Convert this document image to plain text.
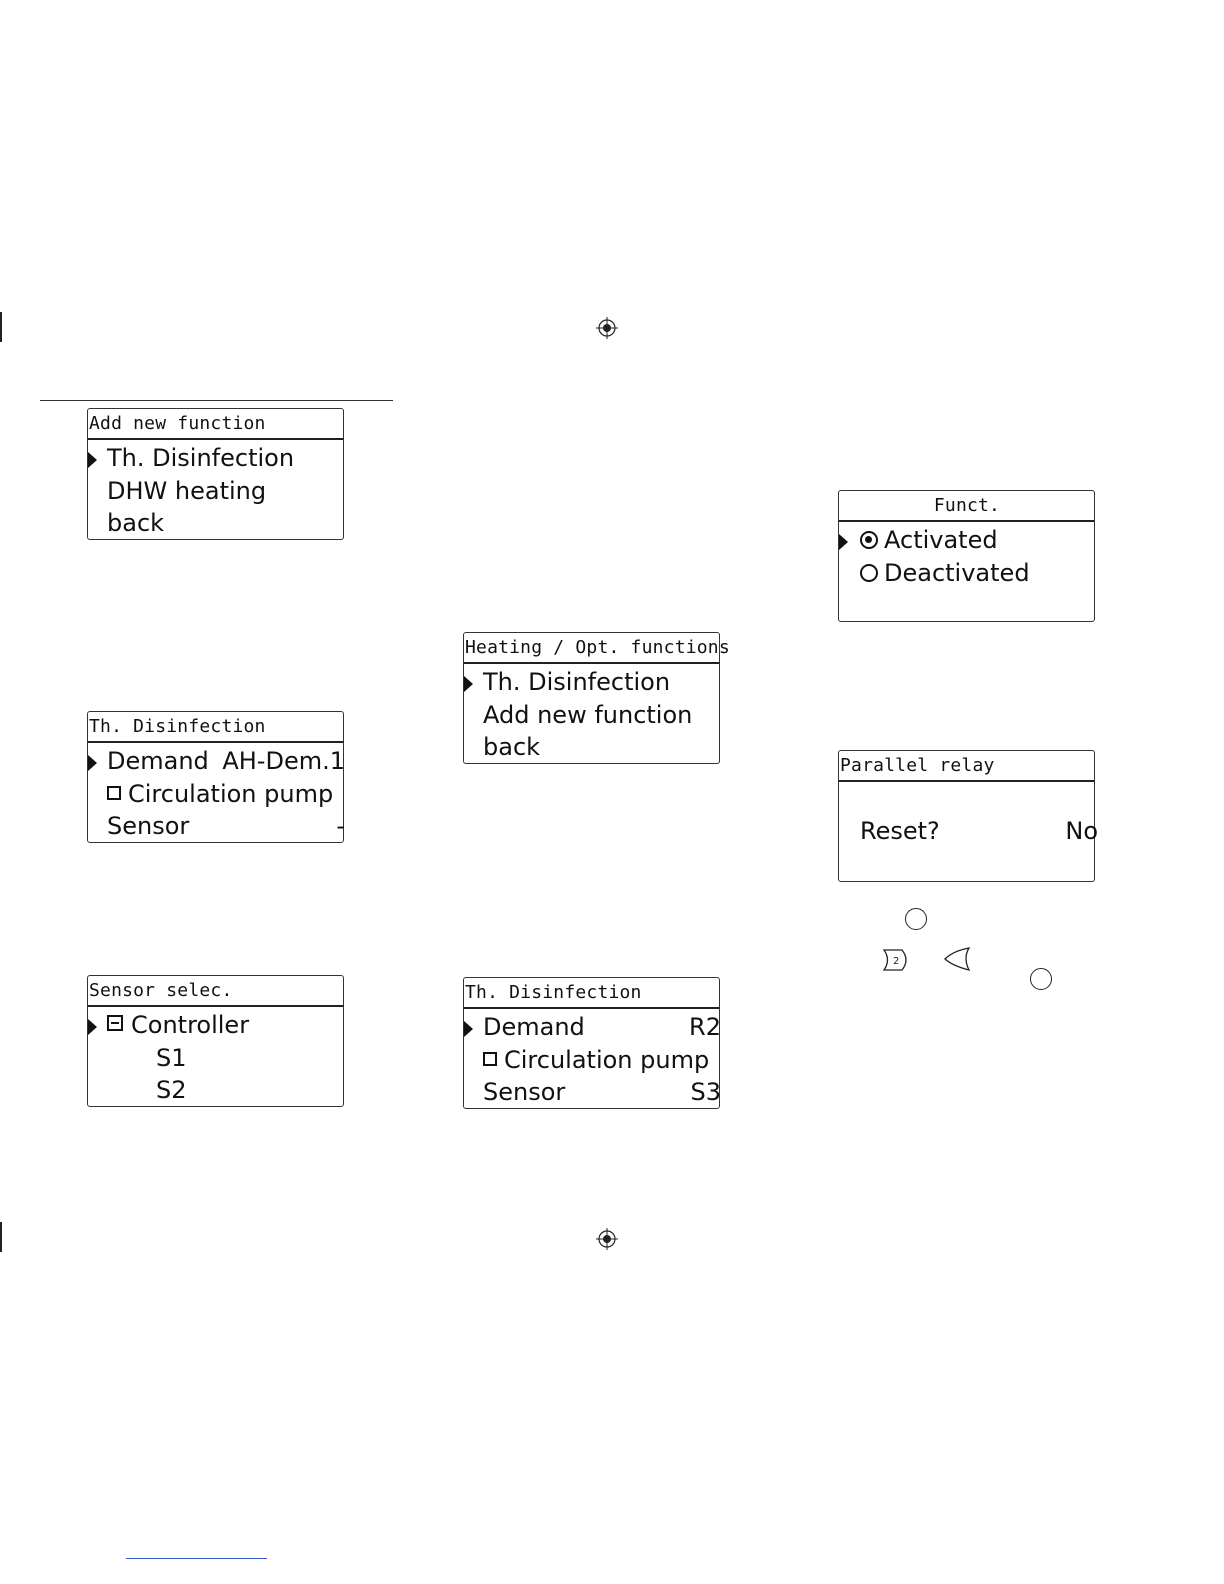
Add new function
Th. Disinfection
DHW heating
back
Th. Disinfection
Demand AH-Dem.1
Circulation pump
Sensor	-
Sensor selec.
Controller
S1
S2
Heating / Opt. functions
Th. Disinfection
Add new function
back
Th. Disinfection
Demand	R2
Circulation pump
Sensor	S3
Funct.
Activated
Deactivated
Parallel relay
Reset?	No
2
